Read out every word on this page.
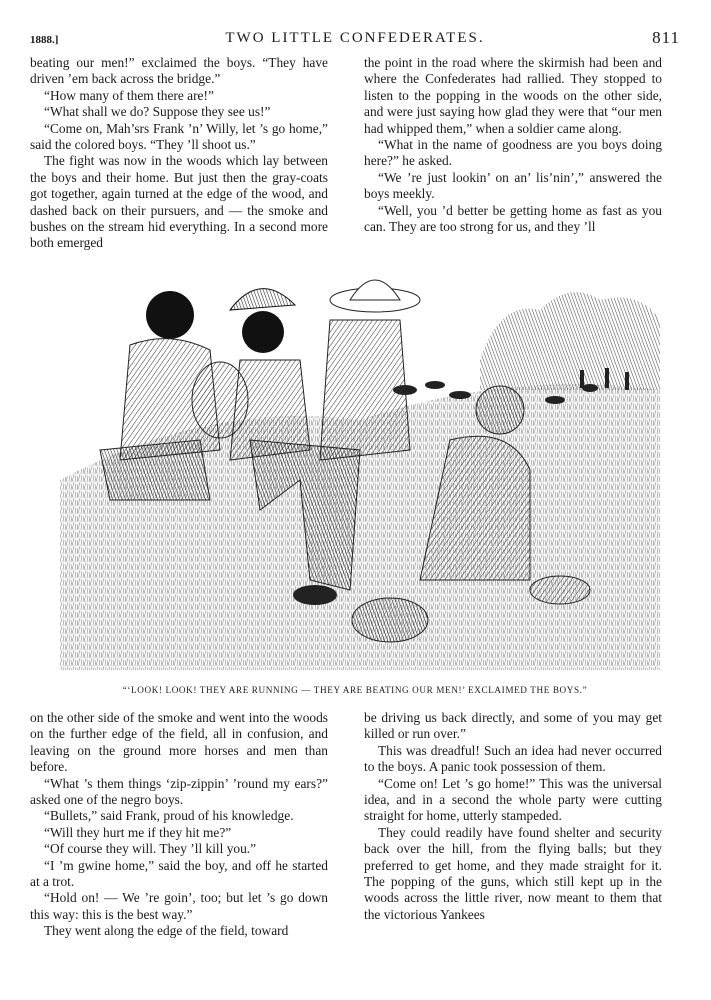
1888.]	TWO LITTLE CONFEDERATES.	811

beating our men!” exclaimed the boys. “They have driven ’em back across the bridge.”

“How many of them there are!”

“What shall we do? Suppose they see us!”

“Come on, Mah’srs Frank ’n’ Willy, let ’s go home,” said the colored boys. “They ’ll shoot us.”

The fight was now in the woods which lay between the boys and their home. But just then the gray-coats got together, again turned at the edge of the wood, and dashed back on their pursuers, and — the smoke and bushes on the stream hid everything. In a second more both emerged

the point in the road where the skirmish had been and where the Confederates had rallied. They stopped to listen to the popping in the woods on the other side, and were just saying how glad they were that “our men had whipped them,” when a soldier came along.

“What in the name of goodness are you boys doing here?” he asked.

“We ’re just lookin’ on an’ lis’nin’,” answered the boys meekly.

“Well, you ’d better be getting home as fast as you can. They are too strong for us, and they ’ll

“‘LOOK! LOOK! THEY ARE RUNNING — THEY ARE BEATING OUR MEN!’ EXCLAIMED THE BOYS.”

on the other side of the smoke and went into the woods on the further edge of the field, all in confusion, and leaving on the ground more horses and men than before.

“What ’s them things ‘zip-zippin’ ’round my ears?” asked one of the negro boys.

“Bullets,” said Frank, proud of his knowledge.

“Will they hurt me if they hit me?”

“Of course they will. They ’ll kill you.”

“I ’m gwine home,” said the boy, and off he started at a trot.

“Hold on! — We ’re goin’, too; but let ’s go down this way: this is the best way.”

They went along the edge of the field, toward

be driving us back directly, and some of you may get killed or run over.”

This was dreadful! Such an idea had never occurred to the boys. A panic took possession of them.

“Come on! Let ’s go home!” This was the universal idea, and in a second the whole party were cutting straight for home, utterly stampeded.

They could readily have found shelter and security back over the hill, from the flying balls; but they preferred to get home, and they made straight for it. The popping of the guns, which still kept up in the woods across the little river, now meant to them that the victorious Yankees
